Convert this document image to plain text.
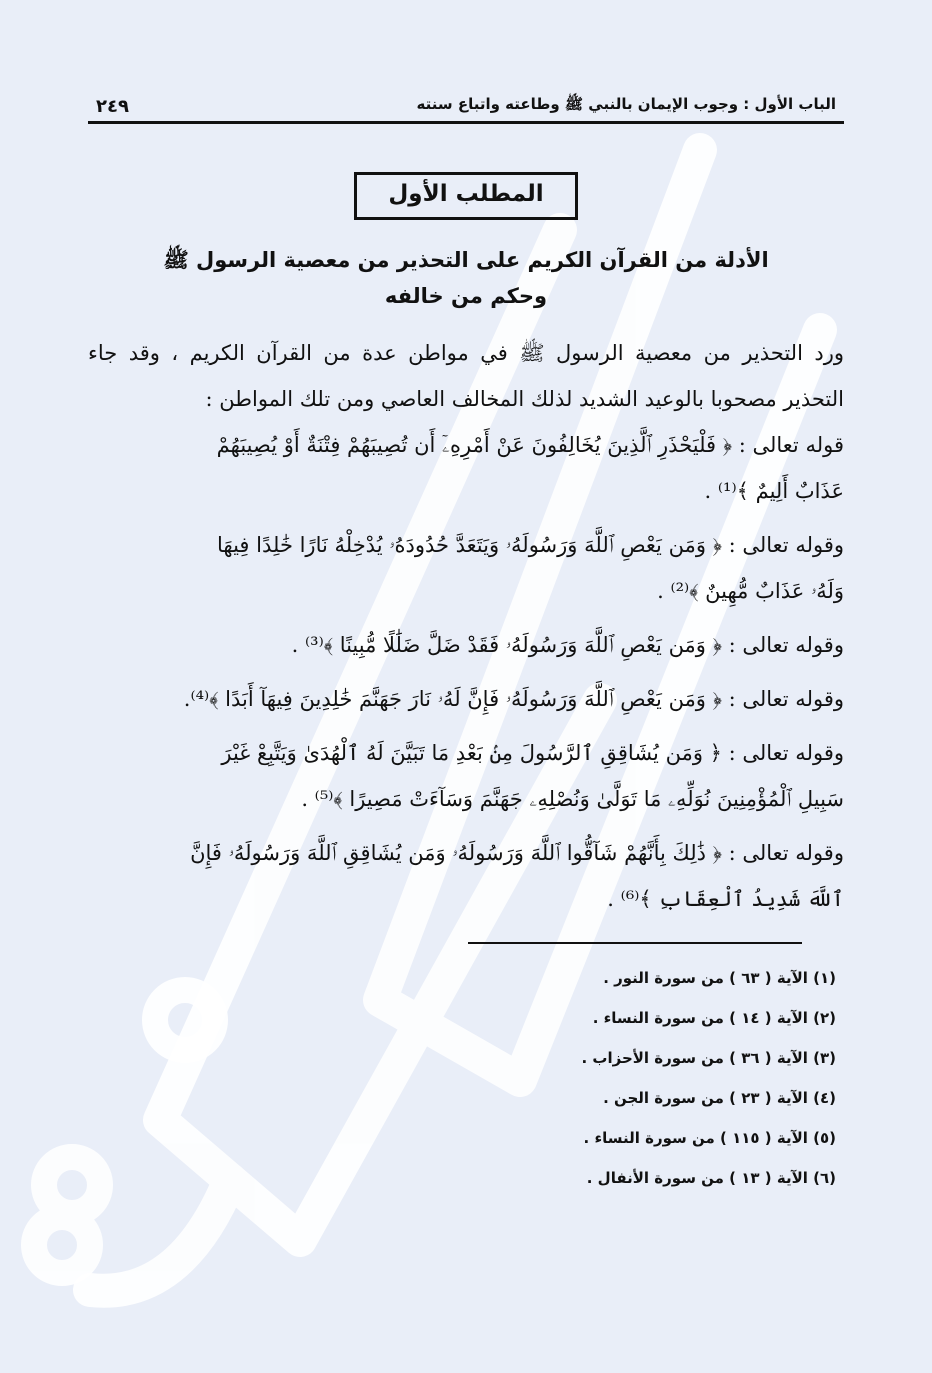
الباب الأول : وجوب الإيمان بالنبي ﷺ وطاعته واتباع سنته
٢٤٩
المطلب الأول
الأدلة من القرآن الكريم على التحذير من معصية الرسول ﷺ
وحكم من خالفه

ورد التحذير من معصية الرسول ﷺ في مواطن عدة من القرآن الكريم ، وقد جاء التحذير مصحوبا بالوعيد الشديد لذلك المخالف العاصي ومن تلك المواطن :

قوله تعالى : ﴿ فَلْيَحْذَرِ ٱلَّذِينَ يُخَالِفُونَ عَنْ أَمْرِهِۦٓ أَن تُصِيبَهُمْ فِتْنَةٌ أَوْ يُصِيبَهُمْ

عَذَابٌ أَلِيمٌ ﴾⁽¹⁾ .

وقوله تعالى : ﴿ وَمَن يَعْصِ ٱللَّهَ وَرَسُولَهُۥ وَيَتَعَدَّ حُدُودَهُۥ يُدْخِلْهُ نَارًا خَٰلِدًا فِيهَا

وَلَهُۥ عَذَابٌ مُّهِينٌ ﴾⁽²⁾ .

وقوله تعالى : ﴿ وَمَن يَعْصِ ٱللَّهَ وَرَسُولَهُۥ فَقَدْ ضَلَّ ضَلَٰلًا مُّبِينًا ﴾⁽³⁾ .

وقوله تعالى : ﴿ وَمَن يَعْصِ ٱللَّهَ وَرَسُولَهُۥ فَإِنَّ لَهُۥ نَارَ جَهَنَّمَ خَٰلِدِينَ فِيهَآ أَبَدًا ﴾⁽⁴⁾.

وقوله تعالى : ﴿ وَمَن يُشَاقِقِ ٱلرَّسُولَ مِنۢ بَعْدِ مَا تَبَيَّنَ لَهُ ٱلْهُدَىٰ وَيَتَّبِعْ غَيْرَ

سَبِيلِ ٱلْمُؤْمِنِينَ نُوَلِّهِۦ مَا تَوَلَّىٰ وَنُصْلِهِۦ جَهَنَّمَ وَسَآءَتْ مَصِيرًا ﴾⁽⁵⁾ .

وقوله تعالى : ﴿ ذَٰلِكَ بِأَنَّهُمْ شَآقُّوا ٱللَّهَ وَرَسُولَهُۥ وَمَن يُشَاقِقِ ٱللَّهَ وَرَسُولَهُۥ فَإِنَّ

ٱللَّهَ شَدِيدُ ٱلْعِقَابِ ﴾⁽⁶⁾ .

(١) الآية ( ٦٣ ) من سورة النور .

(٢) الآية ( ١٤ ) من سورة النساء .

(٣) الآية ( ٣٦ ) من سورة الأحزاب .

(٤) الآية ( ٢٣ ) من سورة الجن .

(٥) الآية ( ١١٥ ) من سورة النساء .

(٦) الآية ( ١٣ ) من سورة الأنفال .
